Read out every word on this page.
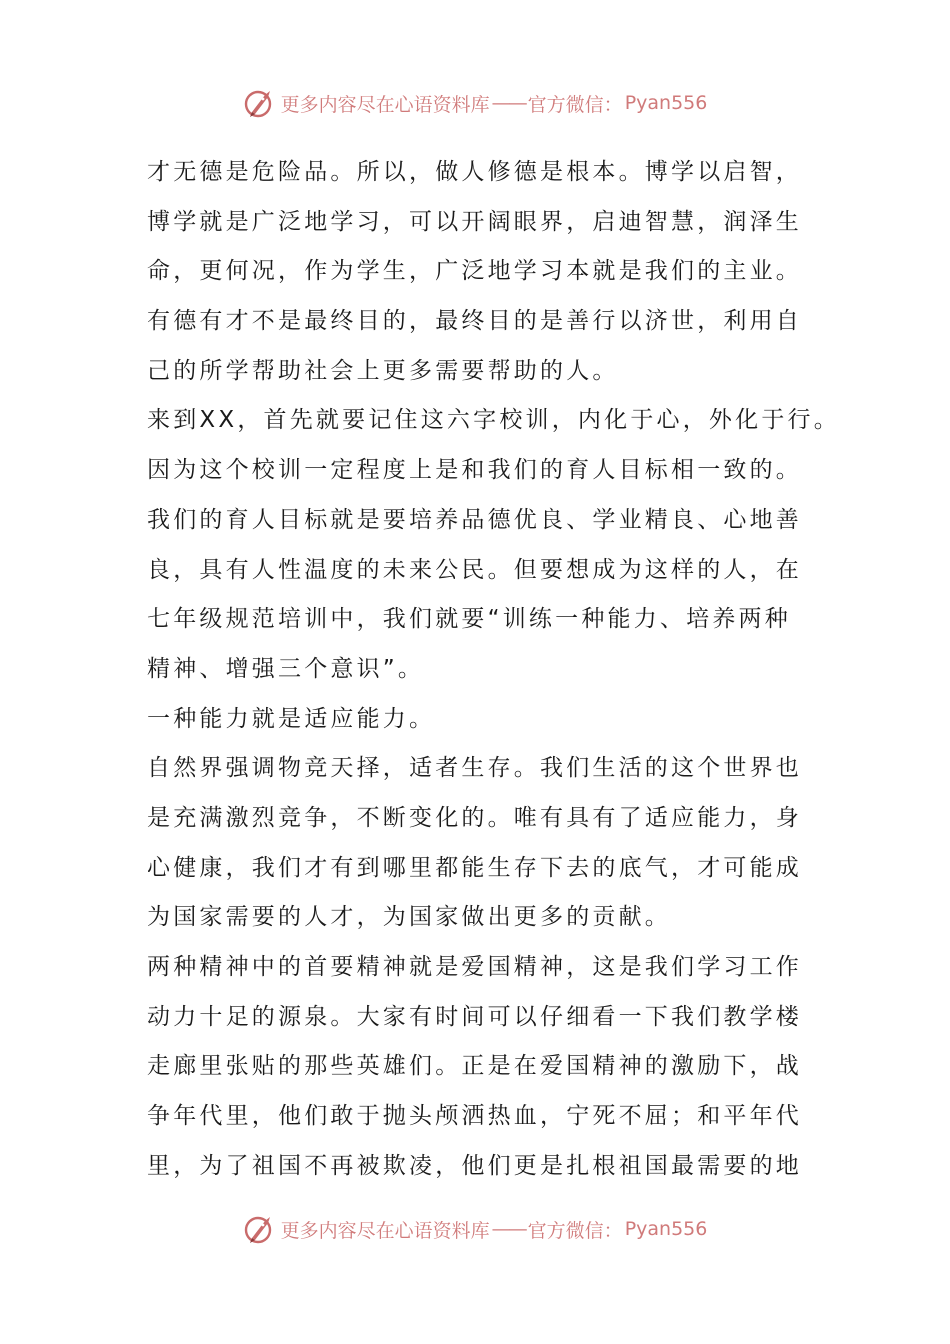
更多内容尽在心语资料库 —— 官方微信： Pyan556
才无德是危险品。所以，做人修德是根本。博学以启智，
博学就是广泛地学习，可以开阔眼界，启迪智慧，润泽生
命，更何况，作为学生，广泛地学习本就是我们的主业。
有德有才不是最终目的，最终目的是善行以济世，利用自
己的所学帮助社会上更多需要帮助的人。
来到XX，首先就要记住这六字校训，内化于心，外化于行。
因为这个校训一定程度上是和我们的育人目标相一致的。
我们的育人目标就是要培养品德优良、学业精良、心地善
良，具有人性温度的未来公民。但要想成为这样的人，在
七年级规范培训中，我们就要“训练一种能力、培养两种
精神、增强三个意识”。
一种能力就是适应能力。
自然界强调物竞天择，适者生存。我们生活的这个世界也
是充满激烈竞争，不断变化的。唯有具有了适应能力，身
心健康，我们才有到哪里都能生存下去的底气，才可能成
为国家需要的人才，为国家做出更多的贡献。
两种精神中的首要精神就是爱国精神，这是我们学习工作
动力十足的源泉。大家有时间可以仔细看一下我们教学楼
走廊里张贴的那些英雄们。正是在爱国精神的激励下，战
争年代里，他们敢于抛头颅洒热血，宁死不屈；和平年代
里，为了祖国不再被欺凌，他们更是扎根祖国最需要的地
更多内容尽在心语资料库 —— 官方微信： Pyan556
